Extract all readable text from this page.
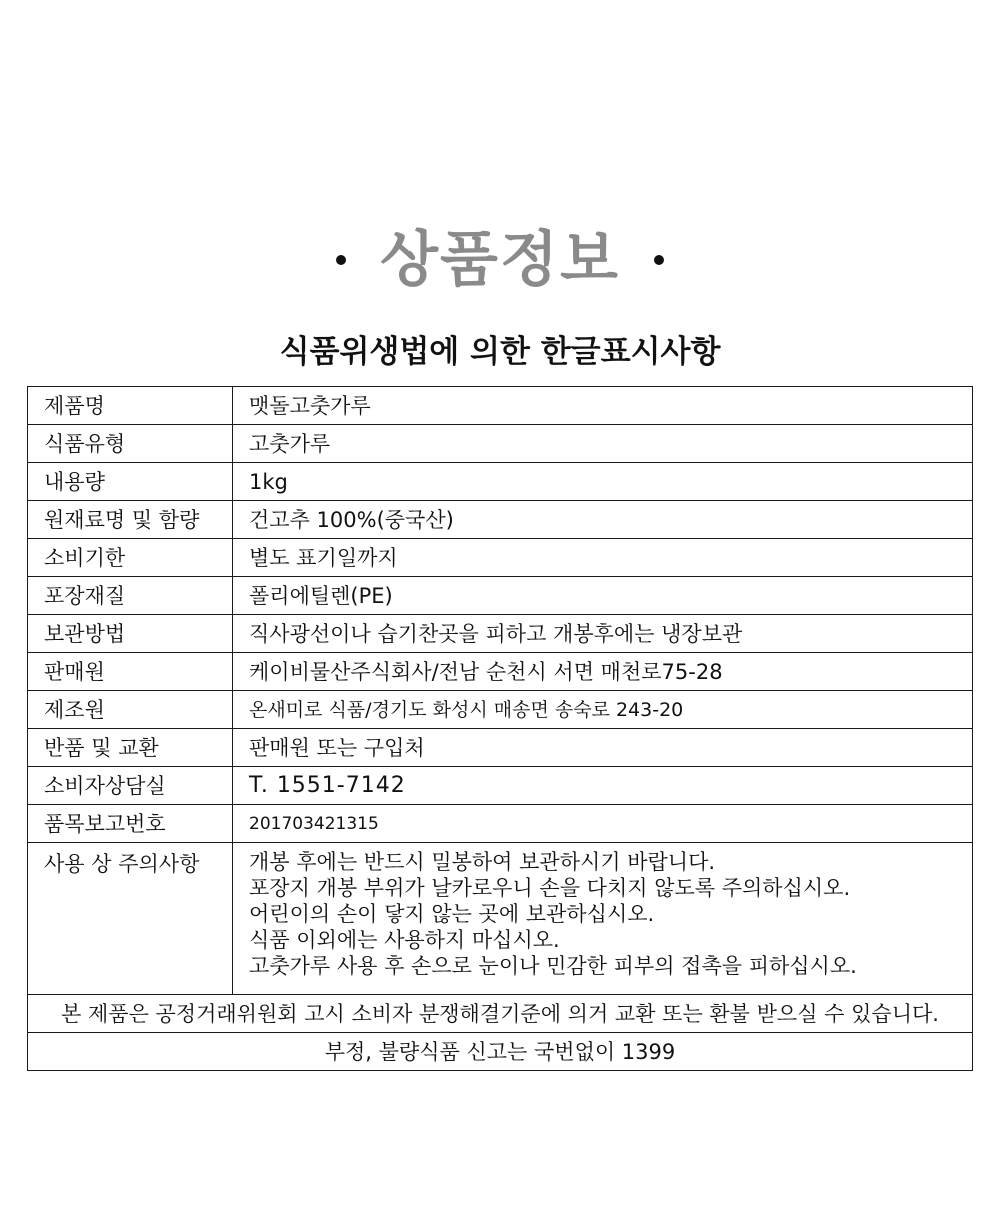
상품정보
식품위생법에 의한 한글표시사항
제품명	맷돌고춧가루
식품유형	고춧가루
내용량	1kg
원재료명 및 함량	건고추 100%(중국산)
소비기한	별도 표기일까지
포장재질	폴리에틸렌(PE)
보관방법	직사광선이나 습기찬곳을 피하고 개봉후에는 냉장보관
판매원	케이비물산주식회사/전남 순천시 서면 매천로75-28
제조원	온새미로 식품/경기도 화성시 매송면 송숙로 243-20
반품 및 교환	판매원 또는 구입처
소비자상담실	T. 1551-7142
품목보고번호	201703421315
사용 상 주의사항	개봉 후에는 반드시 밀봉하여 보관하시기 바랍니다.
포장지 개봉 부위가 날카로우니 손을 다치지 않도록 주의하십시오.
어린이의 손이 닿지 않는 곳에 보관하십시오.
식품 이외에는 사용하지 마십시오.
고춧가루 사용 후 손으로 눈이나 민감한 피부의 접촉을 피하십시오.

본 제품은 공정거래위원회 고시 소비자 분쟁해결기준에 의거 교환 또는 환불 받으실 수 있습니다.	
부정, 불량식품 신고는 국번없이 1399	
